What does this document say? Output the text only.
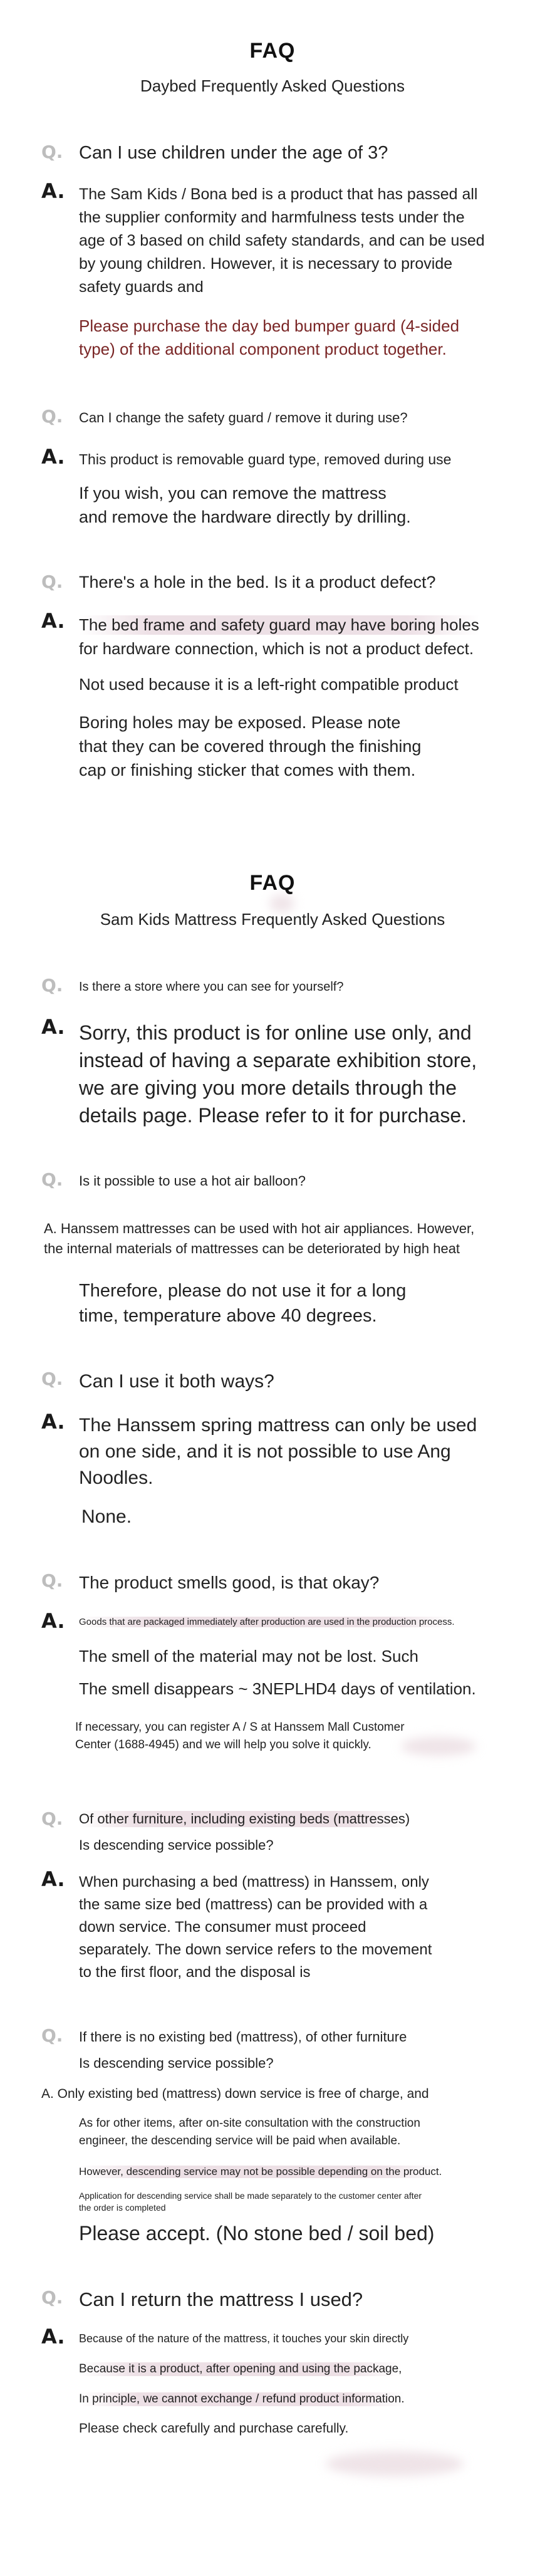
FAQ
Daybed Frequently Asked Questions
Q. Can I use children under the age of 3?

A. The Sam Kids / Bona bed is a product that has passed all

the supplier conformity and harmfulness tests under the

age of 3 based on child safety standards, and can be used

by young children. However, it is necessary to provide

safety guards and

Please purchase the day bed bumper guard (4-sided

type) of the additional component product together.

Q. Can I change the safety guard / remove it during use?

A. This product is removable guard type, removed during use

If you wish, you can remove the mattress

and remove the hardware directly by drilling.

Q. There's a hole in the bed. Is it a product defect?

A. The bed frame and safety guard may have boring holes

for hardware connection, which is not a product defect.

Not used because it is a left-right compatible product

Boring holes may be exposed. Please note

that they can be covered through the finishing

cap or finishing sticker that comes with them.

FAQ
Sam Kids Mattress Frequently Asked Questions
Q. Is there a store where you can see for yourself?

A. Sorry, this product is for online use only, and

instead of having a separate exhibition store,

we are giving you more details through the

details page. Please refer to it for purchase.

Q. Is it possible to use a hot air balloon?

A. Hanssem mattresses can be used with hot air appliances. However,

the internal materials of mattresses can be deteriorated by high heat

Therefore, please do not use it for a long

time, temperature above 40 degrees.

Q. Can I use it both ways?

A. The Hanssem spring mattress can only be used

on one side, and it is not possible to use Ang

Noodles.

None.

Q. The product smells good, is that okay?

A. Goods that are packaged immediately after production are used in the production process.

The smell of the material may not be lost. Such

The smell disappears ~ 3NEPLHD4 days of ventilation.

If necessary, you can register A / S at Hanssem Mall Customer

Center (1688-4945) and we will help you solve it quickly.

Q. Of other furniture, including existing beds (mattresses)

Is descending service possible?

A. When purchasing a bed (mattress) in Hanssem, only

the same size bed (mattress) can be provided with a

down service. The consumer must proceed

separately. The down service refers to the movement

to the first floor, and the disposal is

Q. If there is no existing bed (mattress), of other furniture

Is descending service possible?

A. Only existing bed (mattress) down service is free of charge, and

As for other items, after on-site consultation with the construction

engineer, the descending service will be paid when available.

However, descending service may not be possible depending on the product.

Application for descending service shall be made separately to the customer center after

the order is completed

Please accept. (No stone bed / soil bed)

Q. Can I return the mattress I used?

A. Because of the nature of the mattress, it touches your skin directly

Because it is a product, after opening and using the package,

In principle, we cannot exchange / refund product information.

Please check carefully and purchase carefully.
